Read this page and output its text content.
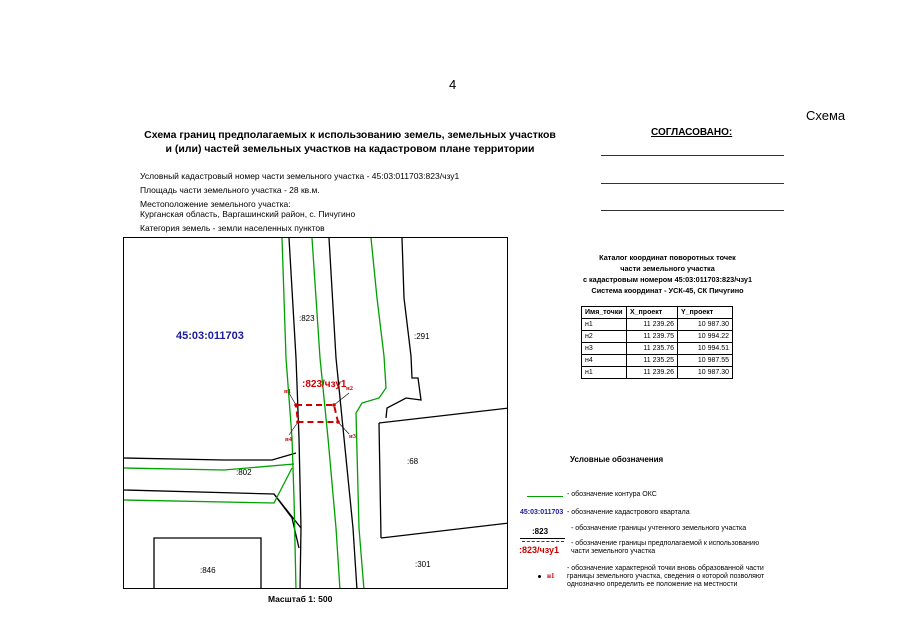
4
Схема
Схема границ предполагаемых к использованию земель, земельных участков
и (или) частей земельных участков на кадастровом плане территории
СОГЛАСОВАНО:
Условный кадастровый номер части земельного участка - 45:03:011703:823/чзу1
Площадь части земельного участка - 28 кв.м.
Местоположение земельного участка:
Курганская область, Варгашинский район, с. Пичугино
Категория земель - земли населенных пунктов
45:03:011703
:823
:291
:802
:68
:846
:301
:823/чзу1
н1	н2
н3
н4
Масштаб 1: 500
Каталог координат поворотных точек
части земельного участка
с кадастровым номером 45:03:011703:823/чзу1
Система координат - УСК-45, СК Пичугино
Имя_точки	X_проект	Y_проект
н1	11 239.26	10 987.30
н2	11 239.75	10 994.22
н3	11 235.76	10 994.51
н4	11 235.25	10 987.55
н1	11 239.26	10 987.30
Условные обозначения
- обозначение контура ОКС
45:03:011703 - обозначение кадастрового квартала
:823	- обозначение границы учтенного земельного участка
:823/чзу1
- обозначение границы предполагаемой к использованию части земельного участка
н1
- обозначение характерной точки вновь образованной части границы земельного участка, сведения о которой позволяют однозначно определить ее положение на местности
